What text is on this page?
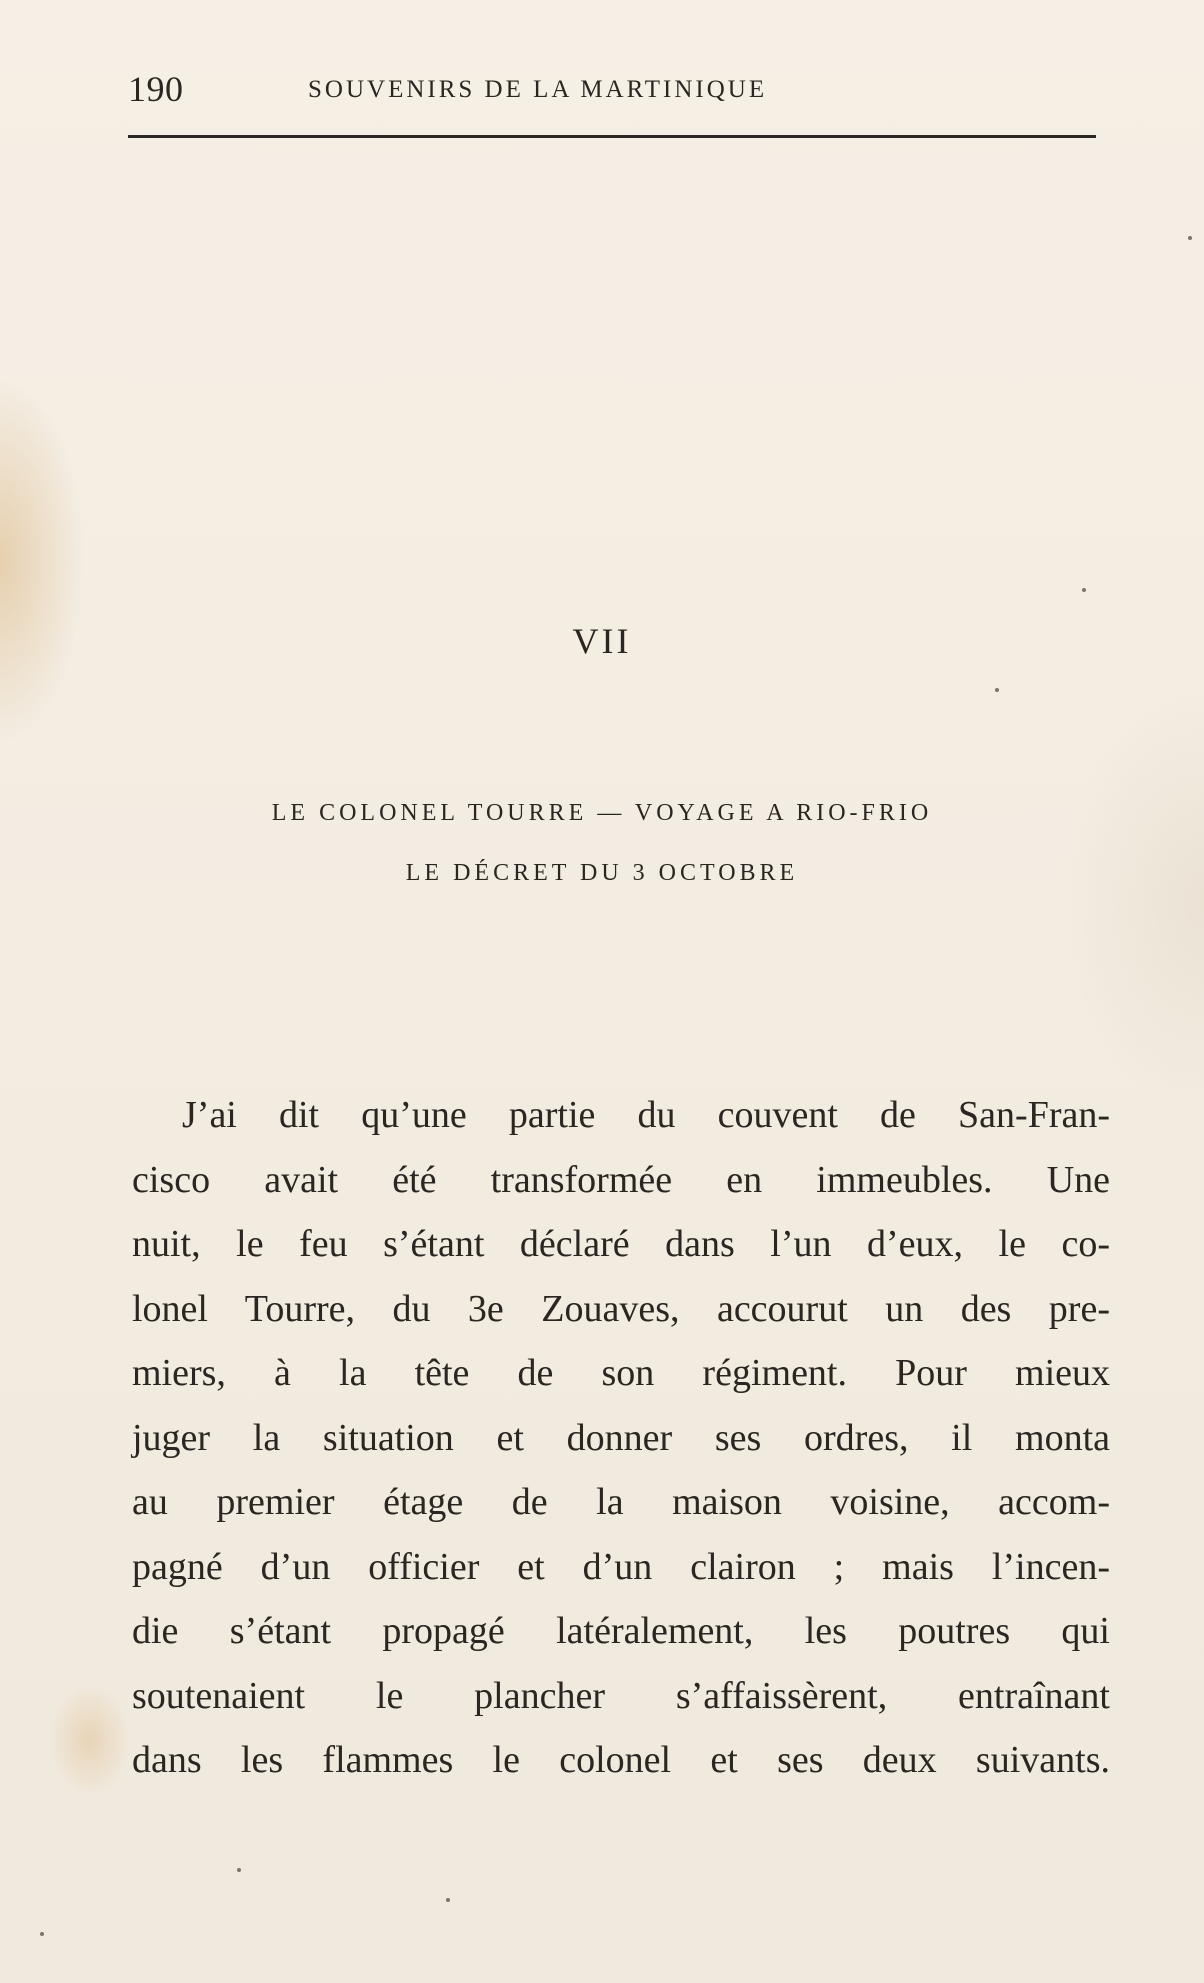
190	SOUVENIRS DE LA MARTINIQUE
VII
LE COLONEL TOURRE — VOYAGE A RIO-FRIO
LE DÉCRET DU 3 OCTOBRE
J’ai dit qu’une partie du couvent de San-Fran-
cisco avait été transformée en immeubles. Une
nuit, le feu s’étant déclaré dans l’un d’eux, le co-
lonel Tourre, du 3e Zouaves, accourut un des pre-
miers, à la tête de son régiment. Pour mieux
juger la situation et donner ses ordres, il monta
au premier étage de la maison voisine, accom-
pagné d’un officier et d’un clairon ; mais l’incen-
die s’étant propagé latéralement, les poutres qui
soutenaient le plancher s’affaissèrent, entraînant
dans les flammes le colonel et ses deux suivants.
